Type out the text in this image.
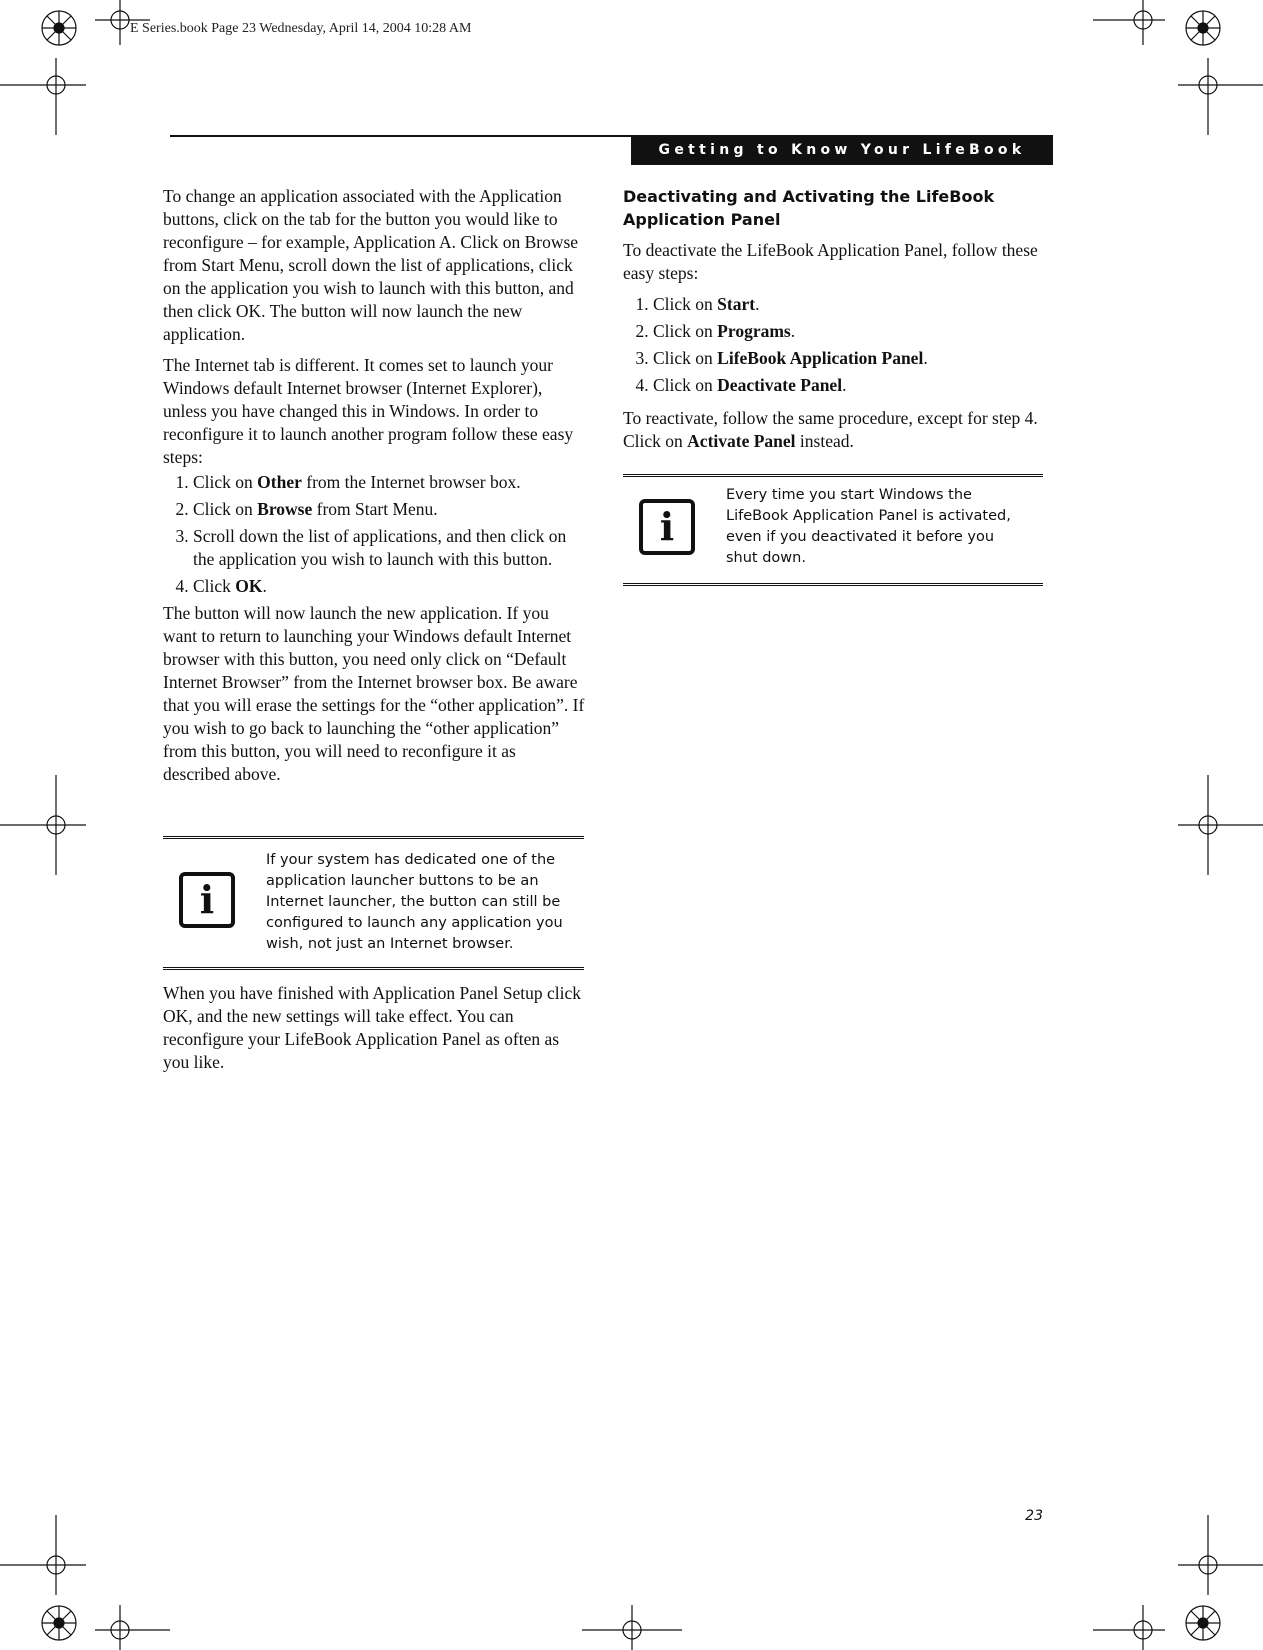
E Series.book Page 23 Wednesday, April 14, 2004 10:28 AM
Getting to Know Your LifeBook

To change an application associated with the Application buttons, click on the tab for the button you would like to reconfigure – for example, Application A. Click on Browse from Start Menu, scroll down the list of applications, click on the application you wish to launch with this button, and then click OK. The button will now launch the new application.

The Internet tab is different. It comes set to launch your Windows default Internet browser (Internet Explorer), unless you have changed this in Windows. In order to reconfigure it to launch another program follow these easy steps:

1. Click on Other from the Internet browser box.
2. Click on Browse from Start Menu.
3. Scroll down the list of applications, and then click on the application you wish to launch with this button.
4. Click OK.

The button will now launch the new application. If you want to return to launching your Windows default Internet browser with this button, you need only click on “Default Internet Browser” from the Internet browser box. Be aware that you will erase the settings for the “other application”. If you wish to go back to launching the “other application” from this button, you will need to reconfigure it as described above.

i
If your system has dedicated one of the application launcher buttons to be an Internet launcher, the button can still be configured to launch any application you wish, not just an Internet browser.

When you have finished with Application Panel Setup click OK, and the new settings will take effect. You can reconfigure your LifeBook Application Panel as often as you like.

Deactivating and Activating the LifeBook Application Panel

To deactivate the LifeBook Application Panel, follow these easy steps:

1. Click on Start.
2. Click on Programs.
3. Click on LifeBook Application Panel.
4. Click on Deactivate Panel.

To reactivate, follow the same procedure, except for step 4. Click on Activate Panel instead.

i
Every time you start Windows the LifeBook Application Panel is activated, even if you deactivated it before you shut down.
23
